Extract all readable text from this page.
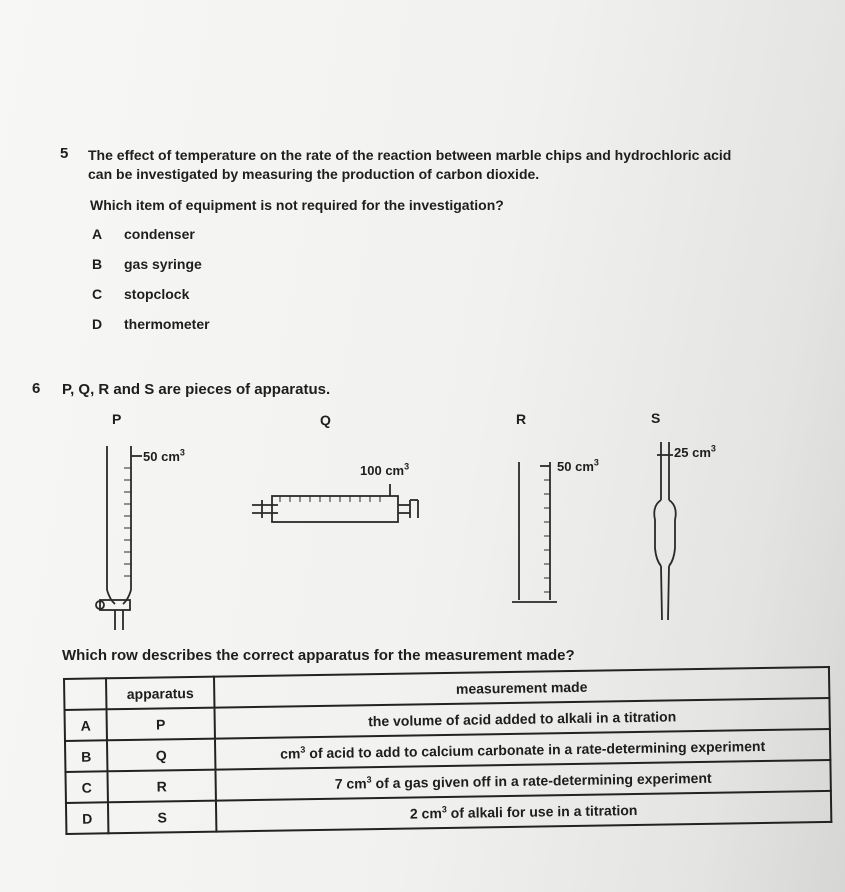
5 The effect of temperature on the rate of the reaction between marble chips and hydrochloric acid
can be investigated by measuring the production of carbon dioxide.
Which item of equipment is not required for the investigation?
A condenser
B gas syringe
C stopclock
D thermometer
6 P, Q, R and S are pieces of apparatus.
P	Q	R	S
50 $cm^3$
100 $cm^3$	50 $cm^3$
25 $cm^3$
Which row describes the correct apparatus for the measurement made?
	apparatus	measurement made
A	P	the volume of acid added to alkali in a titration
B	Q	$cm^3$ of acid to add to calcium carbonate in a rate-determining experiment
C	R	7 $cm^3$ of a gas given off in a rate-determining experiment
D	S	2 $cm^3$ of alkali for use in a titration
